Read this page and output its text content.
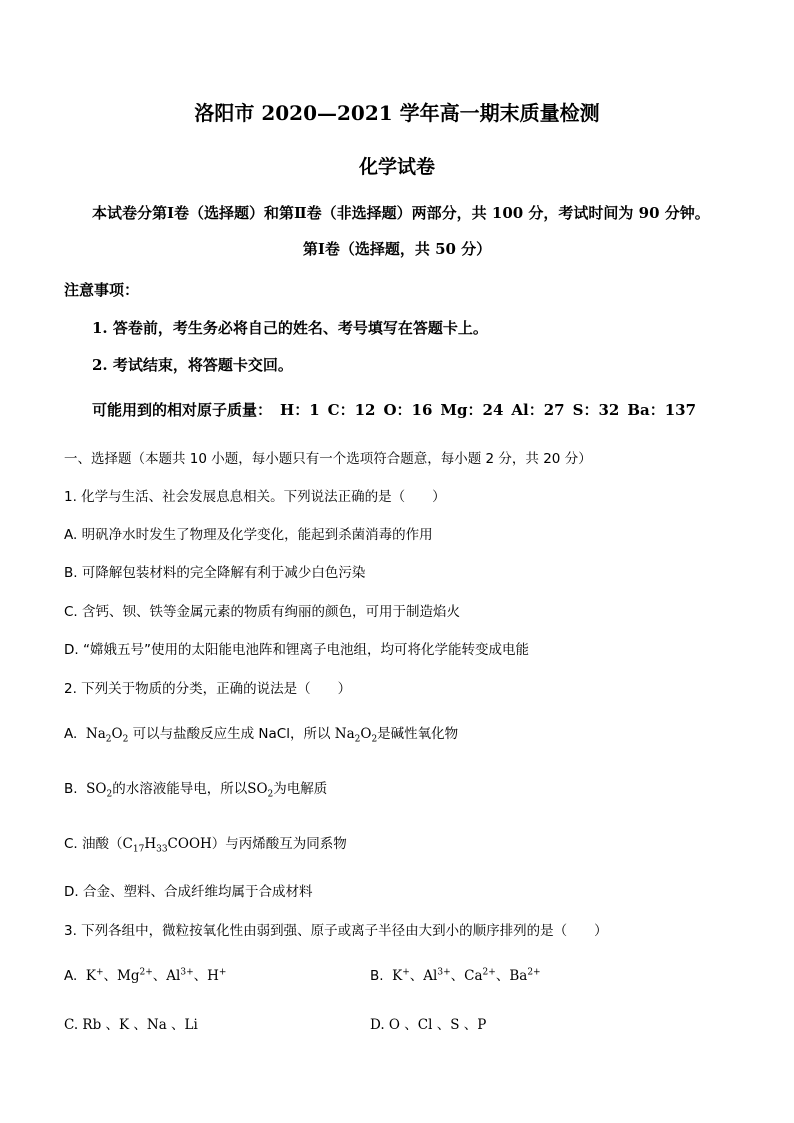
洛阳市 2020—2021 学年高一期末质量检测
化学试卷
本试卷分第Ⅰ卷（选择题）和第Ⅱ卷（非选择题）两部分，共 100 分，考试时间为 90 分钟。
第Ⅰ卷（选择题，共 50 分）
注意事项：
1. 答卷前，考生务必将自己的姓名、考号填写在答题卡上。
2. 考试结束，将答题卡交回。
可能用到的相对原子质量： H：1 C：12 O：16 Mg：24 Al：27 S：32 Ba：137
一、选择题（本题共 10 小题，每小题只有一个选项符合题意，每小题 2 分，共 20 分）
1. 化学与生活、社会发展息息相关。下列说法正确的是（　　）
A. 明矾净水时发生了物理及化学变化，能起到杀菌消毒的作用
B. 可降解包装材料的完全降解有利于减少白色污染
C. 含钙、钡、铁等金属元素的物质有绚丽的颜色，可用于制造焰火
D. “嫦娥五号”使用的太阳能电池阵和锂离子电池组，均可将化学能转变成电能
2. 下列关于物质的分类，正确的说法是（　　）
A. $Na_2O_2$ 可以与盐酸反应生成 NaCl，所以 $Na_2O_2$是碱性氧化物
B. $SO_2$的水溶液能导电，所以$SO_2$为电解质
C. 油酸$(C_{17}H_{33}COOH)$与丙烯酸互为同系物
D. 合金、塑料、合成纤维均属于合成材料
3. 下列各组中，微粒按氧化性由弱到强、原子或离子半径由大到小的顺序排列的是（　　）
A. K+、$Mg^{2+}$、$Al^{3+}$、H+	B. K+、$Al^{3+}$、$Ca^{2+}$、$Ba^{2+}$
C. Rb 、K 、Na 、Li	D. O 、Cl 、S 、P
